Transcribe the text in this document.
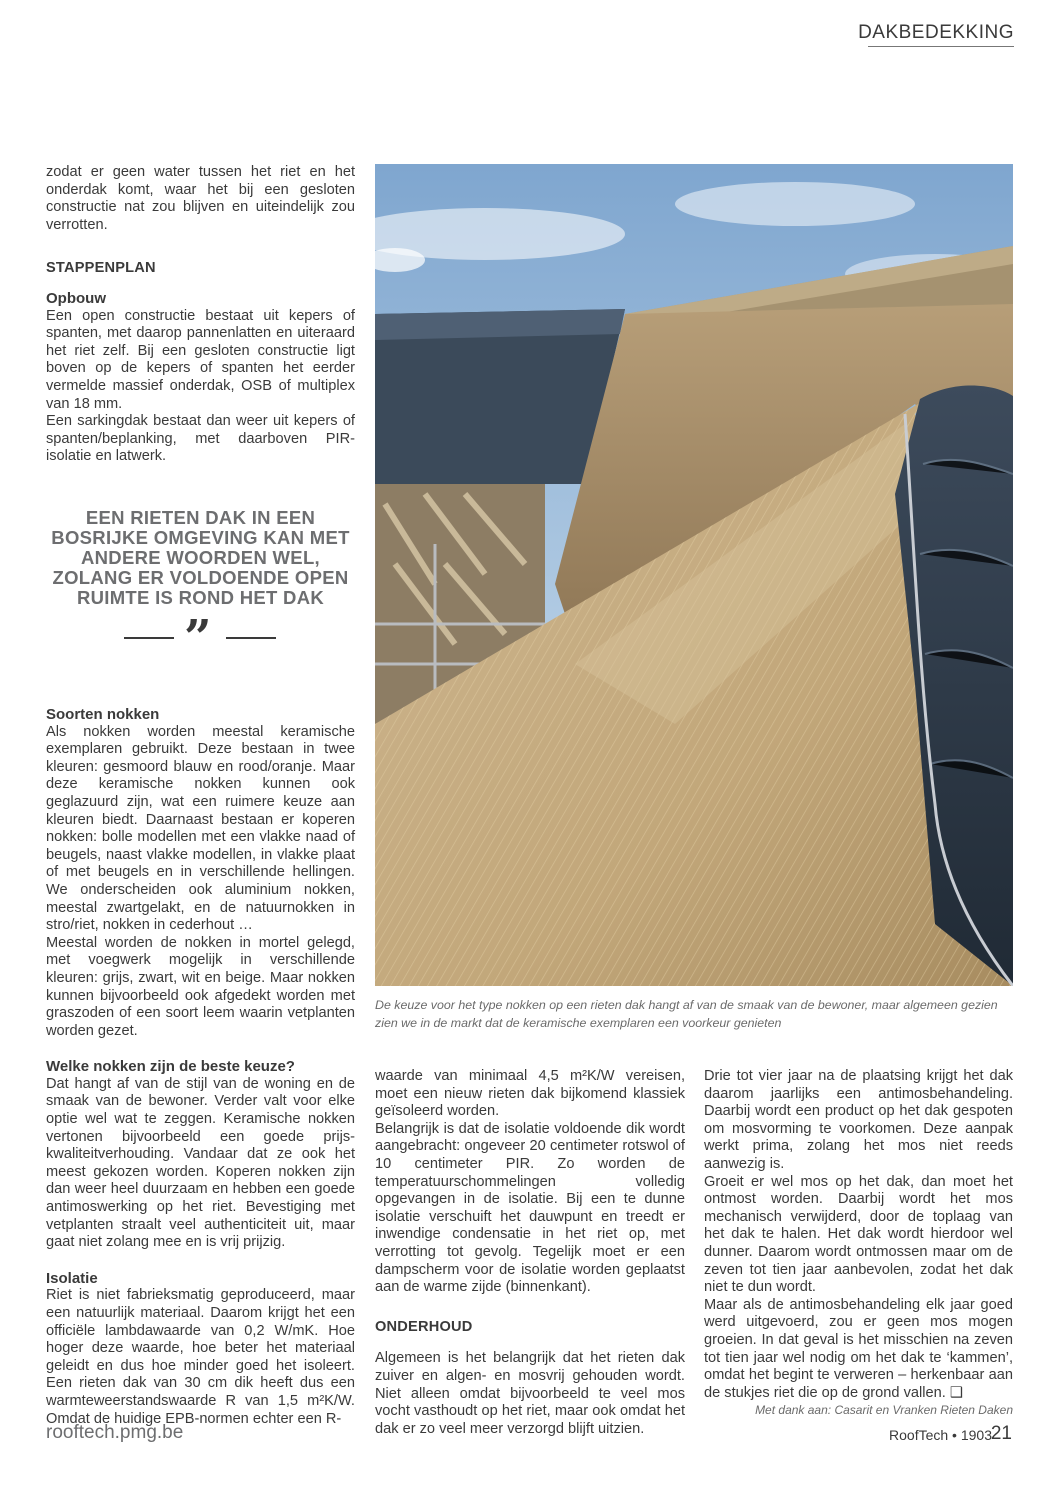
DAKBEDEKKING

zodat er geen water tussen het riet en het onderdak komt, waar het bij een gesloten constructie nat zou blijven en uiteindelijk zou verrotten.

STAPPENPLAN
Opbouw

Een open constructie bestaat uit kepers of spanten, met daarop pannenlatten en uiteraard het riet zelf. Bij een gesloten constructie ligt boven op de kepers of spanten het eerder vermelde massief onderdak, OSB of multiplex van 18 mm.

Een sarkingdak bestaat dan weer uit kepers of spanten/beplanking, met daarboven PIR-isolatie en latwerk.

EEN RIETEN DAK IN EEN BOSRIJKE OMGEVING KAN MET ANDERE WOORDEN WEL, ZOLANG ER VOLDOENDE OPEN RUIMTE IS ROND HET DAK
”
Soorten nokken

Als nokken worden meestal keramische exemplaren gebruikt. Deze bestaan in twee kleuren: gesmoord blauw en rood/oranje. Maar deze keramische nokken kunnen ook geglazuurd zijn, wat een ruimere keuze aan kleuren biedt. Daarnaast bestaan er koperen nokken: bolle modellen met een vlakke naad of beugels, naast vlakke modellen, in vlakke plaat of met beugels en in verschillende hellingen. We onderscheiden ook aluminium nokken, meestal zwartgelakt, en de natuurnokken in stro/riet, nokken in cederhout …

Meestal worden de nokken in mortel gelegd, met voegwerk mogelijk in verschillende kleuren: grijs, zwart, wit en beige. Maar nokken kunnen bijvoorbeeld ook afgedekt worden met graszoden of een soort leem waarin vetplanten worden gezet.

Welke nokken zijn de beste keuze?

Dat hangt af van de stijl van de woning en de smaak van de bewoner. Verder valt voor elke optie wel wat te zeggen. Keramische nokken vertonen bijvoorbeeld een goede prijs-kwaliteitverhouding. Vandaar dat ze ook het meest gekozen worden. Koperen nokken zijn dan weer heel duurzaam en hebben een goede antimoswerking op het riet. Bevestiging met vetplanten straalt veel authenticiteit uit, maar gaat niet zolang mee en is vrij prijzig.

Isolatie

Riet is niet fabrieksmatig geproduceerd, maar een natuurlijk materiaal. Daarom krijgt het een officiële lambdawaarde van 0,2 W/mK. Hoe hoger deze waarde, hoe beter het materiaal geleidt en dus hoe minder goed het isoleert. Een rieten dak van 30 cm dik heeft dus een warmteweerstandswaarde R van 1,5 m²K/W. Omdat de huidige EPB-normen echter een R-

De keuze voor het type nokken op een rieten dak hangt af van de smaak van de bewoner, maar algemeen gezien zien we in de markt dat de keramische exemplaren een voorkeur genieten

waarde van minimaal 4,5 m²K/W vereisen, moet een nieuw rieten dak bijkomend klassiek geïsoleerd worden.

Belangrijk is dat de isolatie voldoende dik wordt aangebracht: ongeveer 20 centimeter rotswol of 10 centimeter PIR. Zo worden de temperatuurschommelingen volledig opgevangen in de isolatie. Bij een te dunne isolatie verschuift het dauwpunt en treedt er inwendige condensatie in het riet op, met verrotting tot gevolg. Tegelijk moet er een dampscherm voor de isolatie worden geplaatst aan de warme zijde (binnenkant).

ONDERHOUD

Algemeen is het belangrijk dat het rieten dak zuiver en algen- en mosvrij gehouden wordt. Niet alleen omdat bijvoorbeeld te veel mos vocht vasthoudt op het riet, maar ook omdat het dak er zo veel meer verzorgd blijft uitzien.

Drie tot vier jaar na de plaatsing krijgt het dak daarom jaarlijks een antimosbehandeling. Daarbij wordt een product op het dak gespoten om mosvorming te voorkomen. Deze aanpak werkt prima, zolang het mos niet reeds aanwezig is.

Groeit er wel mos op het dak, dan moet het ontmost worden. Daarbij wordt het mos mechanisch verwijderd, door de toplaag van het dak te halen. Het dak wordt hierdoor wel dunner. Daarom wordt ontmossen maar om de zeven tot tien jaar aanbevolen, zodat het dak niet te dun wordt.

Maar als de antimosbehandeling elk jaar goed werd uitgevoerd, zou er geen mos mogen groeien. In dat geval is het misschien na zeven tot tien jaar wel nodig om het dak te ‘kammen’, omdat het begint te verweren – herkenbaar aan de stukjes riet die op de grond vallen. ❑

Met dank aan: Casarit en Vranken Rieten Daken
rooftech.pmg.be	RoofTech • 1903
21
